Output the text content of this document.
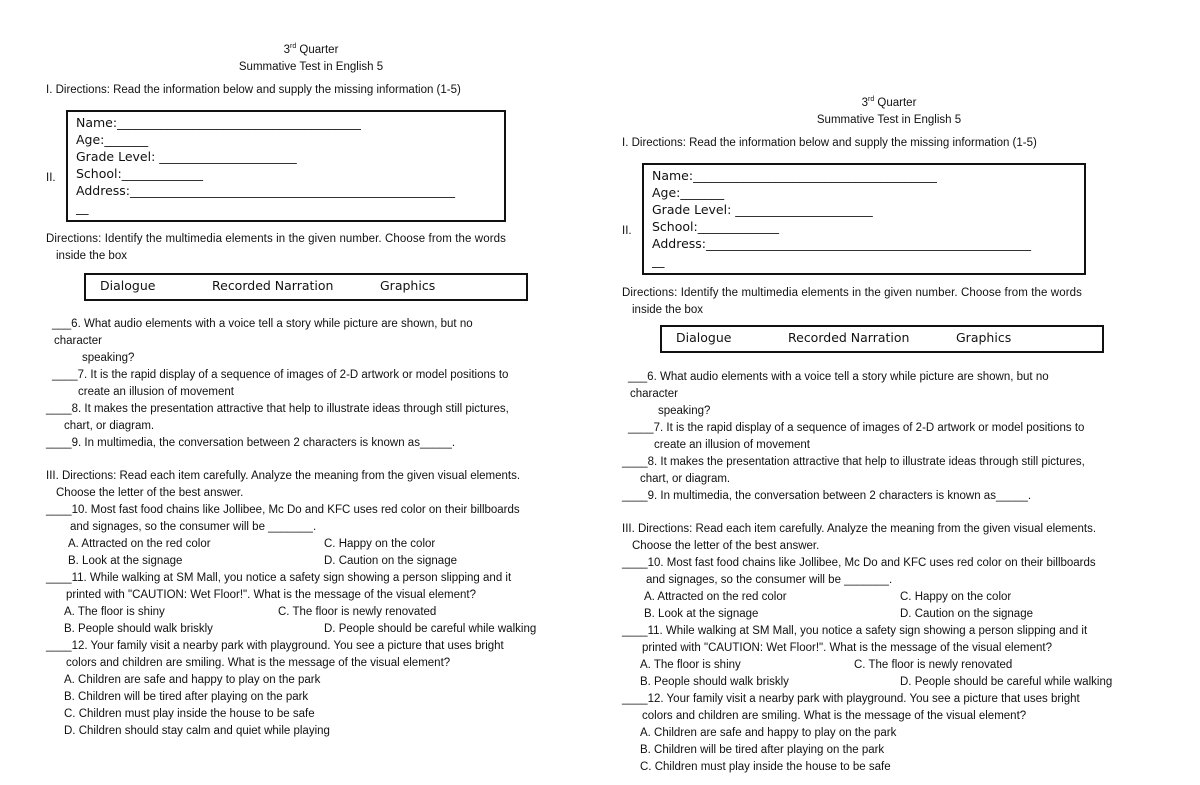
3rd Quarter
Summative Test in English 5
I. Directions: Read the information below and supply the missing information (1-5)
II.
Name:_______________________________________
Age:_______
Grade Level: ______________________
School:_____________
Address:____________________________________________________
__
Directions: Identify the multimedia elements in the given number. Choose from the words
inside the box
Dialogue	Recorded Narration	Graphics
___6. What audio elements with a voice tell a story while picture are shown, but no
character
speaking?
____7. It is the rapid display of a sequence of images of 2-D artwork or model positions to
create an illusion of movement
____8. It makes the presentation attractive that help to illustrate ideas through still pictures,
chart, or diagram.
____9. In multimedia, the conversation between 2 characters is known as_____.
III. Directions: Read each item carefully. Analyze the meaning from the given visual elements.
Choose the letter of the best answer.
____10. Most fast food chains like Jollibee, Mc Do and KFC uses red color on their billboards
and signages, so the consumer will be _______.
A. Attracted on the red color	C. Happy on the color
B. Look at the signage	D. Caution on the signage
____11. While walking at SM Mall, you notice a safety sign showing a person slipping and it
printed with "CAUTION: Wet Floor!". What is the message of the visual element?
A. The floor is shiny	C. The floor is newly renovated
B. People should walk briskly	D. People should be careful while walking
____12. Your family visit a nearby park with playground. You see a picture that uses bright
colors and children are smiling. What is the message of the visual element?
A. Children are safe and happy to play on the park
B. Children will be tired after playing on the park
C. Children must play inside the house to be safe
D. Children should stay calm and quiet while playing
3rd Quarter
Summative Test in English 5
I. Directions: Read the information below and supply the missing information (1-5)
II.
Name:_______________________________________
Age:_______
Grade Level: ______________________
School:_____________
Address:____________________________________________________
__
Directions: Identify the multimedia elements in the given number. Choose from the words
inside the box
Dialogue	Recorded Narration	Graphics
___6. What audio elements with a voice tell a story while picture are shown, but no
character
speaking?
____7. It is the rapid display of a sequence of images of 2-D artwork or model positions to
create an illusion of movement
____8. It makes the presentation attractive that help to illustrate ideas through still pictures,
chart, or diagram.
____9. In multimedia, the conversation between 2 characters is known as_____.
III. Directions: Read each item carefully. Analyze the meaning from the given visual elements.
Choose the letter of the best answer.
____10. Most fast food chains like Jollibee, Mc Do and KFC uses red color on their billboards
and signages, so the consumer will be _______.
A. Attracted on the red color	C. Happy on the color
B. Look at the signage	D. Caution on the signage
____11. While walking at SM Mall, you notice a safety sign showing a person slipping and it
printed with "CAUTION: Wet Floor!". What is the message of the visual element?
A. The floor is shiny	C. The floor is newly renovated
B. People should walk briskly	D. People should be careful while walking
____12. Your family visit a nearby park with playground. You see a picture that uses bright
colors and children are smiling. What is the message of the visual element?
A. Children are safe and happy to play on the park
B. Children will be tired after playing on the park
C. Children must play inside the house to be safe
